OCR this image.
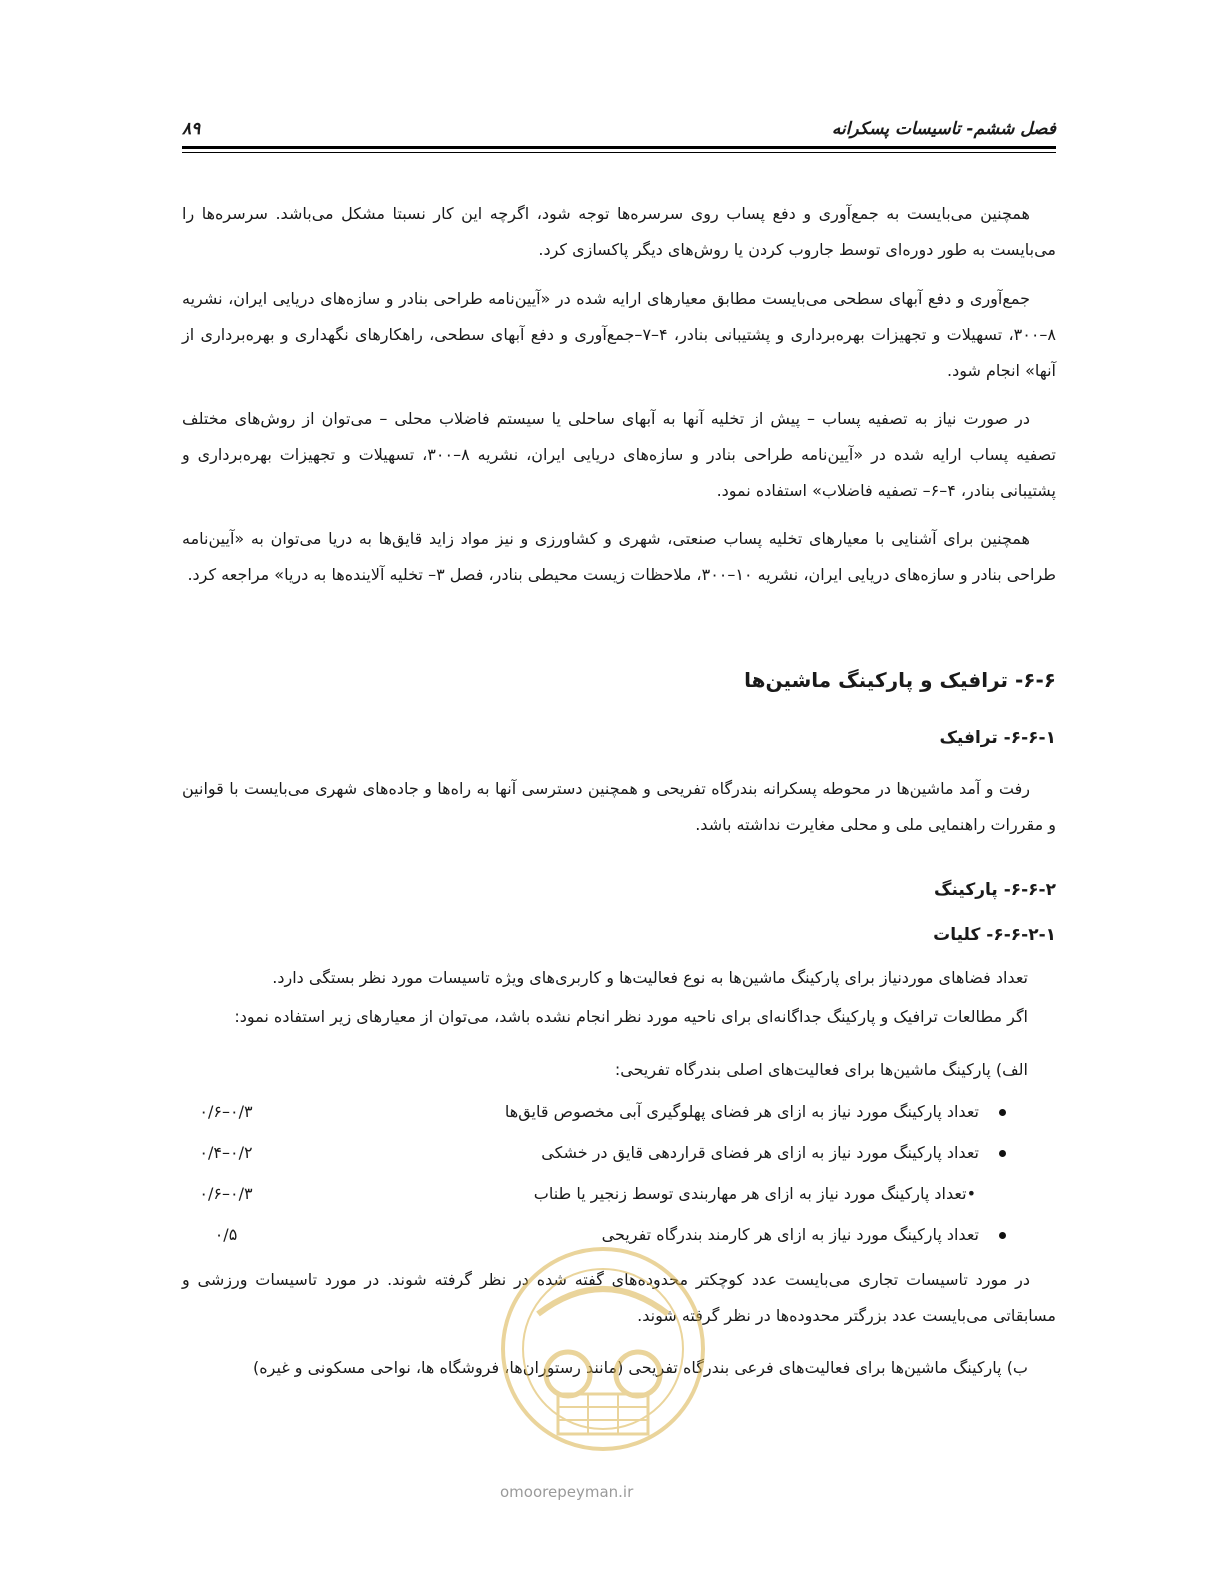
فصل ششم- تاسیسات پسکرانه
۸۹

همچنین می‌بایست به جمع‌آوری و دفع پساب روی سرسره‌ها توجه شود، اگرچه این کار نسبتا مشکل می‌باشد. سرسره‌ها را می‌بایست به طور دوره‌ای توسط جاروب کردن یا روش‌های دیگر پاکسازی کرد.

جمع‌آوری و دفع آبهای سطحی می‌بایست مطابق معیارهای ارایه شده در «آیین‌نامه طراحی بنادر و سازه‌های دریایی ایران، نشریه ۸–۳۰۰، تسهیلات و تجهیزات بهره‌برداری و پشتیبانی بنادر، ۴–۷–جمع‌آوری و دفع آبهای سطحی، راهکارهای نگهداری و بهره‌برداری از آنها» انجام شود.

در صورت نیاز به تصفیه پساب – پیش از تخلیه آنها به آبهای ساحلی یا سیستم فاضلاب محلی – می‌توان از روش‌های مختلف تصفیه پساب ارایه شده در «آیین‌نامه طراحی بنادر و سازه‌های دریایی ایران، نشریه ۸–۳۰۰، تسهیلات و تجهیزات بهره‌برداری و پشتیبانی بنادر، ۴–۶– تصفیه فاضلاب» استفاده نمود.

همچنین برای آشنایی با معیارهای تخلیه پساب صنعتی، شهری و کشاورزی و نیز مواد زاید قایق‌ها به دریا می‌توان به «آیین‌نامه طراحی بنادر و سازه‌های دریایی ایران، نشریه ۱۰–۳۰۰، ملاحظات زیست محیطی بنادر، فصل ۳– تخلیه آلاینده‌ها به دریا» مراجعه کرد.

۶-۶- ترافیک و پارکینگ ماشین‌ها
۶-۶-۱- ترافیک

رفت و آمد ماشین‌ها در محوطه پسکرانه بندرگاه تفریحی و همچنین دسترسی آنها به راه‌ها و جاده‌های شهری می‌بایست با قوانین و مقررات راهنمایی ملی و محلی مغایرت نداشته باشد.

۶-۶-۲- پارکینگ
۶-۶-۲-۱- کلیات
تعداد فضاهای موردنیاز برای پارکینگ ماشین‌ها به نوع فعالیت‌ها و کاربری‌های ویژه تاسیسات مورد نظر بستگی دارد.
اگر مطالعات ترافیک و پارکینگ جداگانه‌ای برای ناحیه مورد نظر انجام نشده باشد، می‌توان از معیارهای زیر استفاده نمود:
الف) پارکینگ ماشین‌ها برای فعالیت‌های اصلی بندرگاه تفریحی:
تعداد پارکینگ مورد نیاز به ازای هر فضای پهلوگیری آبی مخصوص قایق‌ها
۰/۳–۰/۶
تعداد پارکینگ مورد نیاز به ازای هر فضای قراردهی قایق در خشکی
۰/۲–۰/۴
•تعداد پارکینگ مورد نیاز به ازای هر مهاربندی توسط زنجیر یا طناب
۰/۳–۰/۶
تعداد پارکینگ مورد نیاز به ازای هر کارمند بندرگاه تفریحی
۰/۵

در مورد تاسیسات تجاری می‌بایست عدد کوچکتر محدوده‌های گفته شده در نظر گرفته شوند. در مورد تاسیسات ورزشی و مسابقاتی می‌بایست عدد بزرگتر محدوده‌ها در نظر گرفته شوند.

ب) پارکینگ ماشین‌ها برای فعالیت‌های فرعی بندرگاه تفریحی (مانند رستوران‌ها، فروشگاه ها، نواحی مسکونی و غیره)
omoorepeyman.ir
